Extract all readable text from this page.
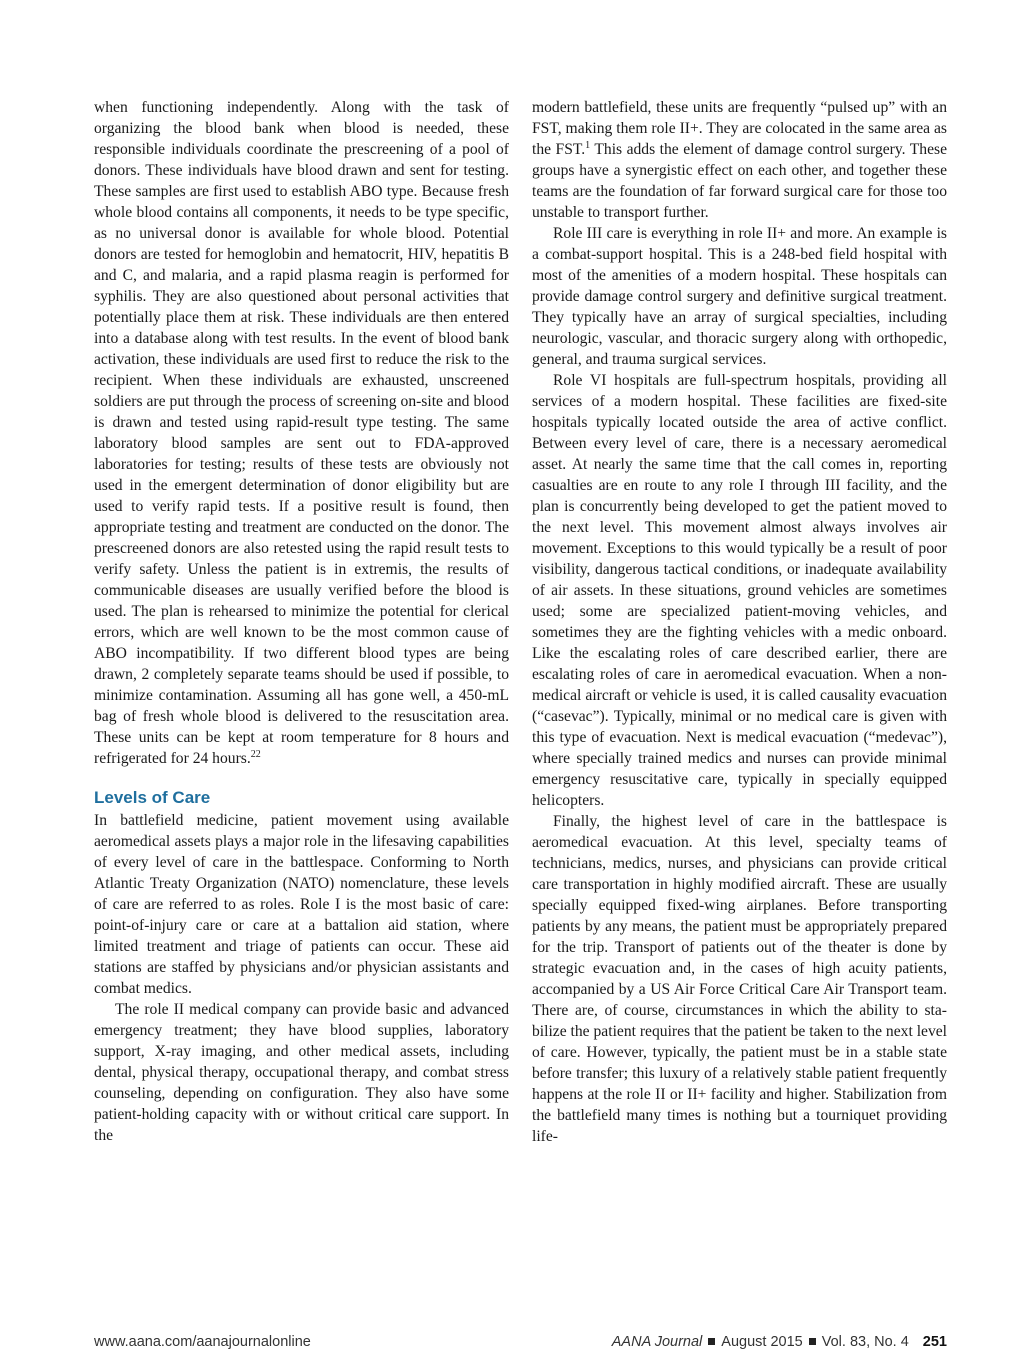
when functioning independently. Along with the task of organizing the blood bank when blood is needed, these responsible individuals coordinate the prescreening of a pool of donors. These individuals have blood drawn and sent for testing. These samples are first used to establish ABO type. Because fresh whole blood contains all components, it needs to be type specific, as no universal donor is available for whole blood. Potential donors are tested for hemoglobin and hematocrit, HIV, hepatitis B and C, and malaria, and a rapid plasma reagin is performed for syphilis. They are also questioned about personal activities that potentially place them at risk. These individuals are then entered into a database along with test results. In the event of blood bank activation, these individuals are used first to reduce the risk to the recipient. When these individuals are exhausted, unscreened soldiers are put through the process of screening on-site and blood is drawn and tested using rapid-result type testing. The same laboratory blood samples are sent out to FDA-approved laboratories for testing; results of these tests are obviously not used in the emergent determination of donor eligibility but are used to verify rapid tests. If a positive result is found, then appropriate testing and treatment are conducted on the donor. The prescreened donors are also retested using the rapid result tests to verify safety. Unless the patient is in extremis, the results of communicable diseases are usually verified before the blood is used. The plan is rehearsed to minimize the potential for clerical errors, which are well known to be the most common cause of ABO incompatibility. If two different blood types are being drawn, 2 completely separate teams should be used if possible, to minimize contamination. Assuming all has gone well, a 450-mL bag of fresh whole blood is delivered to the resuscitation area. These units can be kept at room temperature for 8 hours and refrigerated for 24 hours.$^{22}$

Levels of Care

In battlefield medicine, patient movement using available aeromedical assets plays a major role in the lifesaving capabilities of every level of care in the battlespace. Conforming to North Atlantic Treaty Organization (NATO) nomenclature, these levels of care are referred to as roles. Role I is the most basic of care: point-of-injury care or care at a battalion aid station, where limited treatment and triage of patients can occur. These aid stations are staffed by physicians and/or physician assistants and combat medics.

The role II medical company can provide basic and advanced emergency treatment; they have blood supplies, laboratory support, X-ray imaging, and other medical assets, including dental, physical therapy, occupational therapy, and combat stress counseling, depending on configuration. They also have some patient-holding capacity with or without critical care support. In the

modern battlefield, these units are frequently “pulsed up” with an FST, making them role II+. They are colocated in the same area as the FST.$^1$ This adds the element of damage control surgery. These groups have a synergistic effect on each other, and together these teams are the foundation of far forward surgical care for those too unstable to transport further.

Role III care is everything in role II+ and more. An example is a combat-support hospital. This is a 248-bed field hospital with most of the amenities of a modern hospital. These hospitals can provide damage control surgery and definitive surgical treatment. They typically have an array of surgical specialties, including neurologic, vascular, and thoracic surgery along with orthopedic, general, and trauma surgical services.

Role VI hospitals are full-spectrum hospitals, providing all services of a modern hospital. These facilities are fixed-site hospitals typically located outside the area of active conflict. Between every level of care, there is a necessary aeromedical asset. At nearly the same time that the call comes in, reporting casualties are en route to any role I through III facility, and the plan is concurrently being developed to get the patient moved to the next level. This movement almost always involves air movement. Exceptions to this would typically be a result of poor visibility, dangerous tactical conditions, or inadequate availability of air assets. In these situations, ground vehicles are sometimes used; some are specialized patient-moving vehicles, and sometimes they are the fighting vehicles with a medic onboard. Like the escalating roles of care described earlier, there are escalating roles of care in aeromedical evacuation. When a nonmedical aircraft or vehicle is used, it is called causality evacuation (“casevac”). Typically, minimal or no medical care is given with this type of evacuation. Next is medical evacuation (“medevac”), where specially trained medics and nurses can provide minimal emergency resuscitative care, typically in specially equipped helicopters.

Finally, the highest level of care in the battlespace is aeromedical evacuation. At this level, specialty teams of technicians, medics, nurses, and physicians can provide critical care transportation in highly modified aircraft. These are usually specially equipped fixed-wing airplanes. Before transporting patients by any means, the patient must be appropriately prepared for the trip. Transport of patients out of the theater is done by strategic evacuation and, in the cases of high acuity patients, accompanied by a US Air Force Critical Care Air Transport team. There are, of course, circumstances in which the ability to stabilize the patient requires that the patient be taken to the next level of care. However, typically, the patient must be in a stable state before transfer; this luxury of a relatively stable patient frequently happens at the role II or II+ facility and higher. Stabilization from the battlefield many times is nothing but a tourniquet providing life-

www.aana.com/aanajournalonline	AANA Journal August 2015 Vol. 83, No. 4 251
